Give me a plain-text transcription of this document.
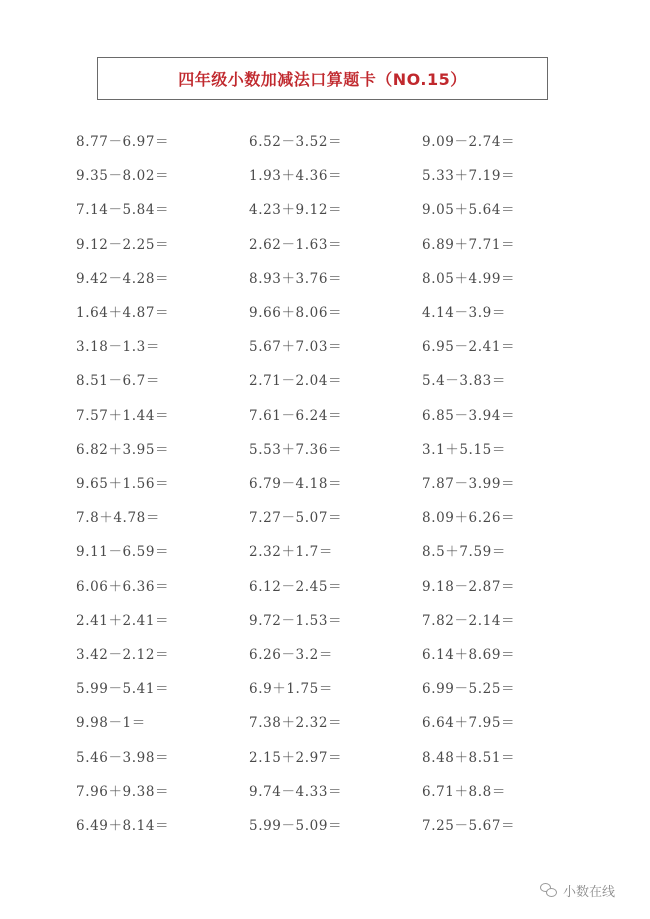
四年级小数加减法口算题卡（NO.15）
8.77－6.97＝
9.35－8.02＝
7.14－5.84＝
9.12－2.25＝
9.42－4.28＝
1.64＋4.87＝
3.18－1.3＝
8.51－6.7＝
7.57＋1.44＝
6.82＋3.95＝
9.65＋1.56＝
7.8＋4.78＝
9.11－6.59＝
6.06＋6.36＝
2.41＋2.41＝
3.42－2.12＝
5.99－5.41＝
9.98－1＝
5.46－3.98＝
7.96＋9.38＝
6.49＋8.14＝
6.52－3.52＝
1.93＋4.36＝
4.23＋9.12＝
2.62－1.63＝
8.93＋3.76＝
9.66＋8.06＝
5.67＋7.03＝
2.71－2.04＝
7.61－6.24＝
5.53＋7.36＝
6.79－4.18＝
7.27－5.07＝
2.32＋1.7＝
6.12－2.45＝
9.72－1.53＝
6.26－3.2＝
6.9＋1.75＝
7.38＋2.32＝
2.15＋2.97＝
9.74－4.33＝
5.99－5.09＝
9.09－2.74＝
5.33＋7.19＝
9.05＋5.64＝
6.89＋7.71＝
8.05＋4.99＝
4.14－3.9＝
6.95－2.41＝
5.4－3.83＝
6.85－3.94＝
3.1＋5.15＝
7.87－3.99＝
8.09＋6.26＝
8.5＋7.59＝
9.18－2.87＝
7.82－2.14＝
6.14＋8.69＝
6.99－5.25＝
6.64＋7.95＝
8.48＋8.51＝
6.71＋8.8＝
7.25－5.67＝
小数在线
